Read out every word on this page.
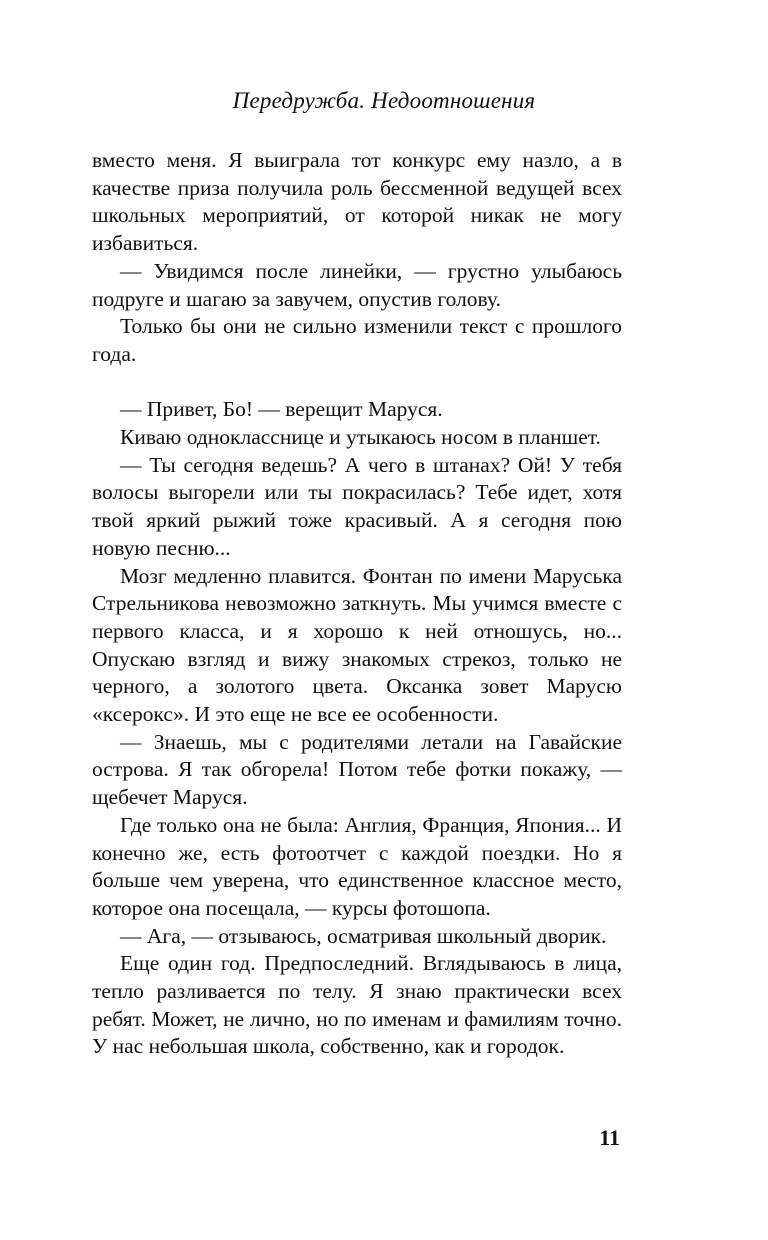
Передружба. Недоотношения

вместо меня. Я выиграла тот конкурс ему назло, а в качестве приза получила роль бессменной ведущей всех школьных мероприятий, от которой никак не могу избавиться.

— Увидимся после линейки, — грустно улыбаюсь подруге и шагаю за завучем, опустив голову.

Только бы они не сильно изменили текст с прошлого года.

— Привет, Бо! — верещит Маруся.

Киваю однокласснице и утыкаюсь носом в планшет.

— Ты сегодня ведешь? А чего в штанах? Ой! У тебя волосы выгорели или ты покрасилась? Тебе идет, хотя твой яркий рыжий тоже красивый. А я сегодня пою новую песню...

Мозг медленно плавится. Фонтан по имени Маруська Стрельникова невозможно заткнуть. Мы учимся вместе с первого класса, и я хорошо к ней отношусь, но... Опускаю взгляд и вижу знакомых стрекоз, только не черного, а золотого цвета. Оксанка зовет Марусю «ксерокс». И это еще не все ее особенности.

— Знаешь, мы с родителями летали на Гавайские острова. Я так обгорела! Потом тебе фотки покажу, — щебечет Маруся.

Где только она не была: Англия, Франция, Япония... И конечно же, есть фотоотчет с каждой поездки. Но я больше чем уверена, что единственное классное место, которое она посещала, — курсы фотошопа.

— Ага, — отзываюсь, осматривая школьный дворик.

Еще один год. Предпоследний. Вглядываюсь в лица, тепло разливается по телу. Я знаю практически всех ребят. Может, не лично, но по именам и фамилиям точно. У нас небольшая школа, собственно, как и городок.

11
